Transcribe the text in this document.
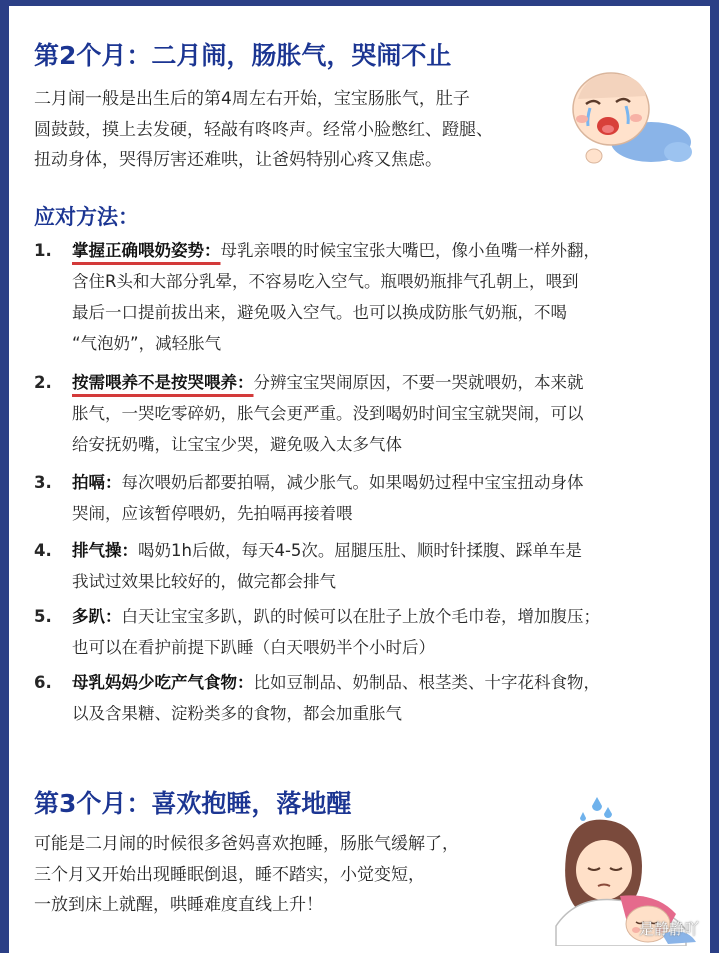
第2个月：二月闹，肠胀气，哭闹不止
二月闹一般是出生后的第4周左右开始，宝宝肠胀气，肚子
圆鼓鼓，摸上去发硬，轻敲有咚咚声。经常小脸憋红、蹬腿、
扭动身体，哭得厉害还难哄，让爸妈特别心疼又焦虑。
应对方法：
1. 掌握正确喂奶姿势：母乳亲喂的时候宝宝张大嘴巴，像小鱼嘴一样外翻，
含住R头和大部分乳晕，不容易吃入空气。瓶喂奶瓶排气孔朝上，喂到
最后一口提前拔出来，避免吸入空气。也可以换成防胀气奶瓶，不喝
“气泡奶”，减轻胀气
2. 按需喂养不是按哭喂养：分辨宝宝哭闹原因，不要一哭就喂奶，本来就
胀气，一哭吃零碎奶，胀气会更严重。没到喝奶时间宝宝就哭闹，可以
给安抚奶嘴，让宝宝少哭，避免吸入太多气体
3. 拍嗝：每次喂奶后都要拍嗝，减少胀气。如果喝奶过程中宝宝扭动身体
哭闹，应该暂停喂奶，先拍嗝再接着喂
4. 排气操：喝奶1h后做，每天4-5次。屈腿压肚、顺时针揉腹、踩单车是
我试过效果比较好的，做完都会排气
5. 多趴：白天让宝宝多趴，趴的时候可以在肚子上放个毛巾卷，增加腹压；
也可以在看护前提下趴睡（白天喂奶半个小时后）
6. 母乳妈妈少吃产气食物：比如豆制品、奶制品、根茎类、十字花科食物，
以及含果糖、淀粉类多的食物，都会加重胀气
第3个月：喜欢抱睡，落地醒
可能是二月闹的时候很多爸妈喜欢抱睡，肠胀气缓解了，
三个月又开始出现睡眠倒退，睡不踏实，小觉变短，
一放到床上就醒，哄睡难度直线上升！
是静静吖
